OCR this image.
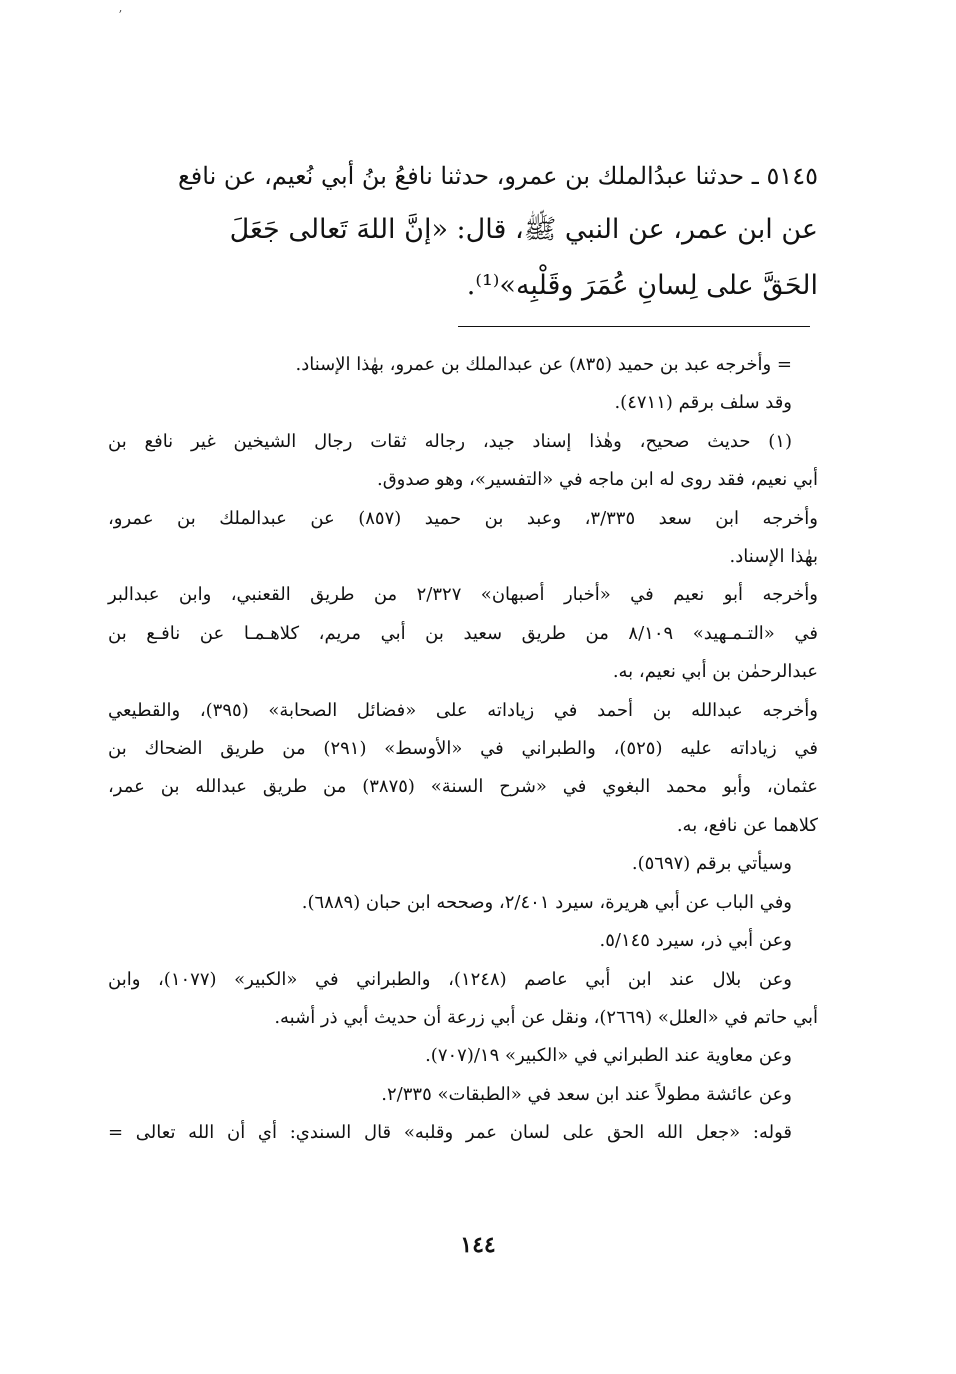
ʼ
٥١٤٥ ـ حدثنا عبدُالملك بن عمرو، حدثنا نافعُ بنُ أبي نُعيم، عن نافع
عن ابن عمر، عن النبي ﷺ، قال: «إنَّ اللهَ تَعالى جَعَلَ
الحَقَّ على لِسانِ عُمَرَ وقَلْبِه»⁽¹⁾.
= وأخرجه عبد بن حميد (٨٣٥) عن عبدالملك بن عمرو، بهٰذا الإسناد.
وقد سلف برقم (٤٧١١).
(١) حديث صحيح، وهٰذا إسناد جيد، رجاله ثقات رجال الشيخين غير نافع بن
أبي نعيم، فقد روى له ابن ماجه في «التفسير»، وهو صدوق.
وأخرجه ابن سعد ٣/٣٣٥، وعبد بن حميد (٨٥٧) عن عبدالملك بن عمرو،
بهٰذا الإسناد.
وأخرجه أبو نعيم في «أخبار أصبهان» ٢/٣٢٧ من طريق القعنبي، وابن عبدالبر
في «التـمـهيد» ٨/١٠٩ من طريق سعيد بن أبي مريم، كلاهـمـا عن نافـع بن
عبدالرحمٰن بن أبي نعيم، به.
وأخرجه عبدالله بن أحمد في زياداته على «فضائل الصحابة» (٣٩٥)، والقطيعي
في زياداته عليه (٥٢٥)، والطبراني في «الأوسط» (٢٩١) من طريق الضحاك بن
عثمان، وأبو محمد البغوي في «شرح السنة» (٣٨٧٥) من طريق عبدالله بن عمر،
كلاهما عن نافع، به.
وسيأتي برقم (٥٦٩٧).
وفي الباب عن أبي هريرة، سيرد ٢/٤٠١، وصححه ابن حبان (٦٨٨٩).
وعن أبي ذر، سيرد ٥/١٤٥.
وعن بلال عند ابن أبي عاصم (١٢٤٨)، والطبراني في «الكبير» (١٠٧٧)، وابن
أبي حاتم في «العلل» (٢٦٦٩)، ونقل عن أبي زرعة أن حديث أبي ذر أشبه.
وعن معاوية عند الطبراني في «الكبير» ١٩/(٧٠٧).
وعن عائشة مطولاً عند ابن سعد في «الطبقات» ٢/٣٣٥.
قوله: «جعل الله الحق على لسان عمر وقلبه» قال السندي: أي أن الله تعالى =
١٤٤
